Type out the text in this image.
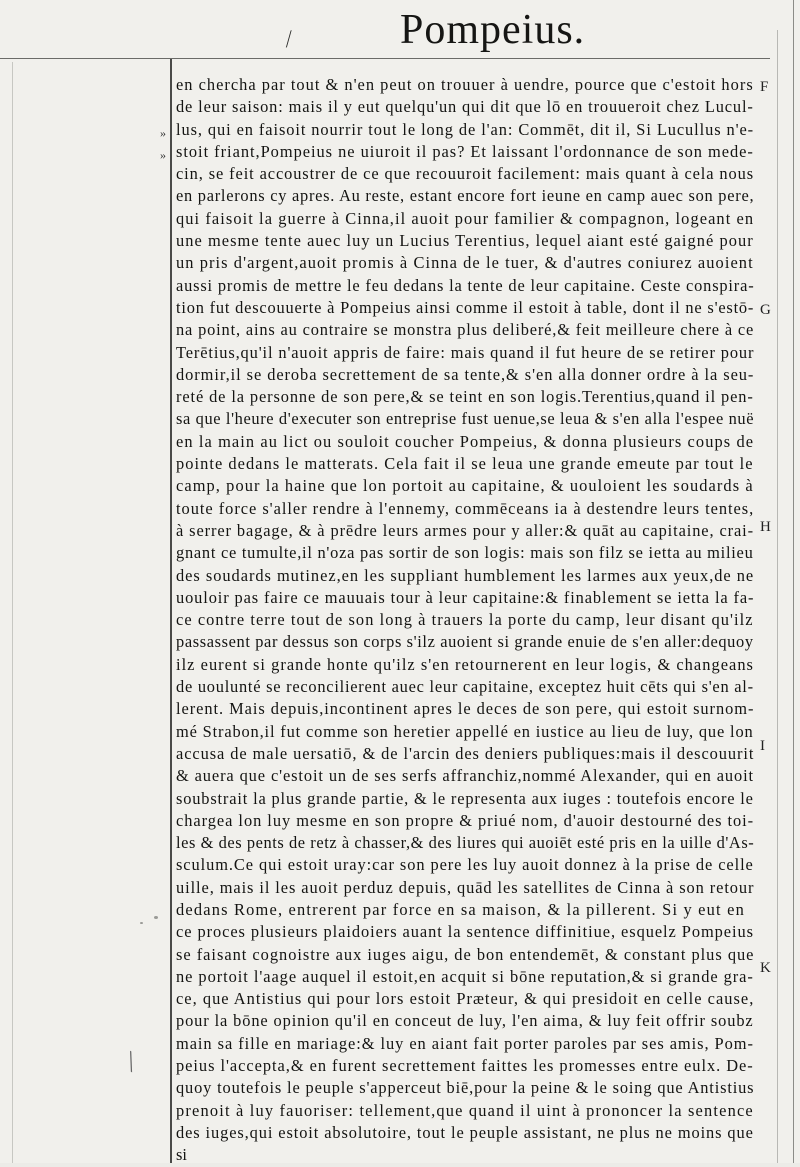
⁄	Pompeius.
»
»
F
G
H
I
K
╲
en chercha par tout & n'en peut on trouuer à uendre, pource que c'estoit hors
de leur saison: mais il y eut quelqu'un qui dit que lō en trouueroit chez Lucul-
lus, qui en faisoit nourrir tout le long de l'an: Commēt, dit il, Si Lucullus n'e-
stoit friant,Pompeius ne uiuroit il pas? Et laissant l'ordonnance de son mede-
cin, se feit accoustrer de ce que recouuroit facilement: mais quant à cela nous
en parlerons cy apres. Au reste, estant encore fort ieune en camp auec son pere,
qui faisoit la guerre à Cinna,il auoit pour familier & compagnon, logeant en
une mesme tente auec luy un Lucius Terentius, lequel aiant esté gaigné pour
un pris d'argent,auoit promis à Cinna de le tuer, & d'autres coniurez auoient
aussi promis de mettre le feu dedans la tente de leur capitaine. Ceste conspira-
tion fut descouuerte à Pompeius ainsi comme il estoit à table, dont il ne s'estō-
na point, ains au contraire se monstra plus deliberé,& feit meilleure chere à ce
Terētius,qu'il n'auoit appris de faire: mais quand il fut heure de se retirer pour
dormir,il se deroba secrettement de sa tente,& s'en alla donner ordre à la seu-
reté de la personne de son pere,& se teint en son logis.Terentius,quand il pen-
sa que l'heure d'executer son entreprise fust uenue,se leua & s'en alla l'espee nuë
en la main au lict ou souloit coucher Pompeius, & donna plusieurs coups de
pointe dedans le matterats. Cela fait il se leua une grande emeute par tout le
camp, pour la haine que lon portoit au capitaine, & uouloient les soudards à
toute force s'aller rendre à l'ennemy, commēceans ia à destendre leurs tentes,
à serrer bagage, & à prēdre leurs armes pour y aller:& quāt au capitaine, crai-
gnant ce tumulte,il n'oza pas sortir de son logis: mais son filz se ietta au milieu
des soudards mutinez,en les suppliant humblement les larmes aux yeux,de ne
uouloir pas faire ce mauuais tour à leur capitaine:& finablement se ietta la fa-
ce contre terre tout de son long à trauers la porte du camp, leur disant qu'ilz
passassent par dessus son corps s'ilz auoient si grande enuie de s'en aller:dequoy
ilz eurent si grande honte qu'ilz s'en retournerent en leur logis, & changeans
de uoulunté se reconcilierent auec leur capitaine, exceptez huit cēts qui s'en al-
lerent. Mais depuis,incontinent apres le deces de son pere, qui estoit surnom-
mé Strabon,il fut comme son heretier appellé en iustice au lieu de luy, que lon
accusa de male uersatiō, & de l'arcin des deniers publiques:mais il descouurit
& auera que c'estoit un de ses serfs affranchiz,nommé Alexander, qui en auoit
soubstrait la plus grande partie, & le representa aux iuges : toutefois encore le
chargea lon luy mesme en son propre & priué nom, d'auoir destourné des toi-
les & des pents de retz à chasser,& des liures qui auoiēt esté pris en la uille d'As-
sculum.Ce qui estoit uray:car son pere les luy auoit donnez à la prise de celle
uille, mais il les auoit perduz depuis, quād les satellites de Cinna à son retour
dedans Rome, entrerent par force en sa maison, & la pillerent. Si y eut en
ce proces plusieurs plaidoiers auant la sentence diffinitiue, esquelz Pompeius
se faisant cognoistre aux iuges aigu, de bon entendemēt, & constant plus que
ne portoit l'aage auquel il estoit,en acquit si bōne reputation,& si grande gra-
ce, que Antistius qui pour lors estoit Præteur, & qui presidoit en celle cause,
pour la bōne opinion qu'il en conceut de luy, l'en aima, & luy feit offrir soubz
main sa fille en mariage:& luy en aiant fait porter paroles par ses amis, Pom-
peius l'accepta,& en furent secrettement faittes les promesses entre eulx. De-
quoy toutefois le peuple s'apperceut biē,pour la peine & le soing que Antistius
prenoit à luy fauoriser: tellement,que quand il uint à prononcer la sentence
des iuges,qui estoit absolutoire, tout le peuple assistant, ne plus ne moins que
si
